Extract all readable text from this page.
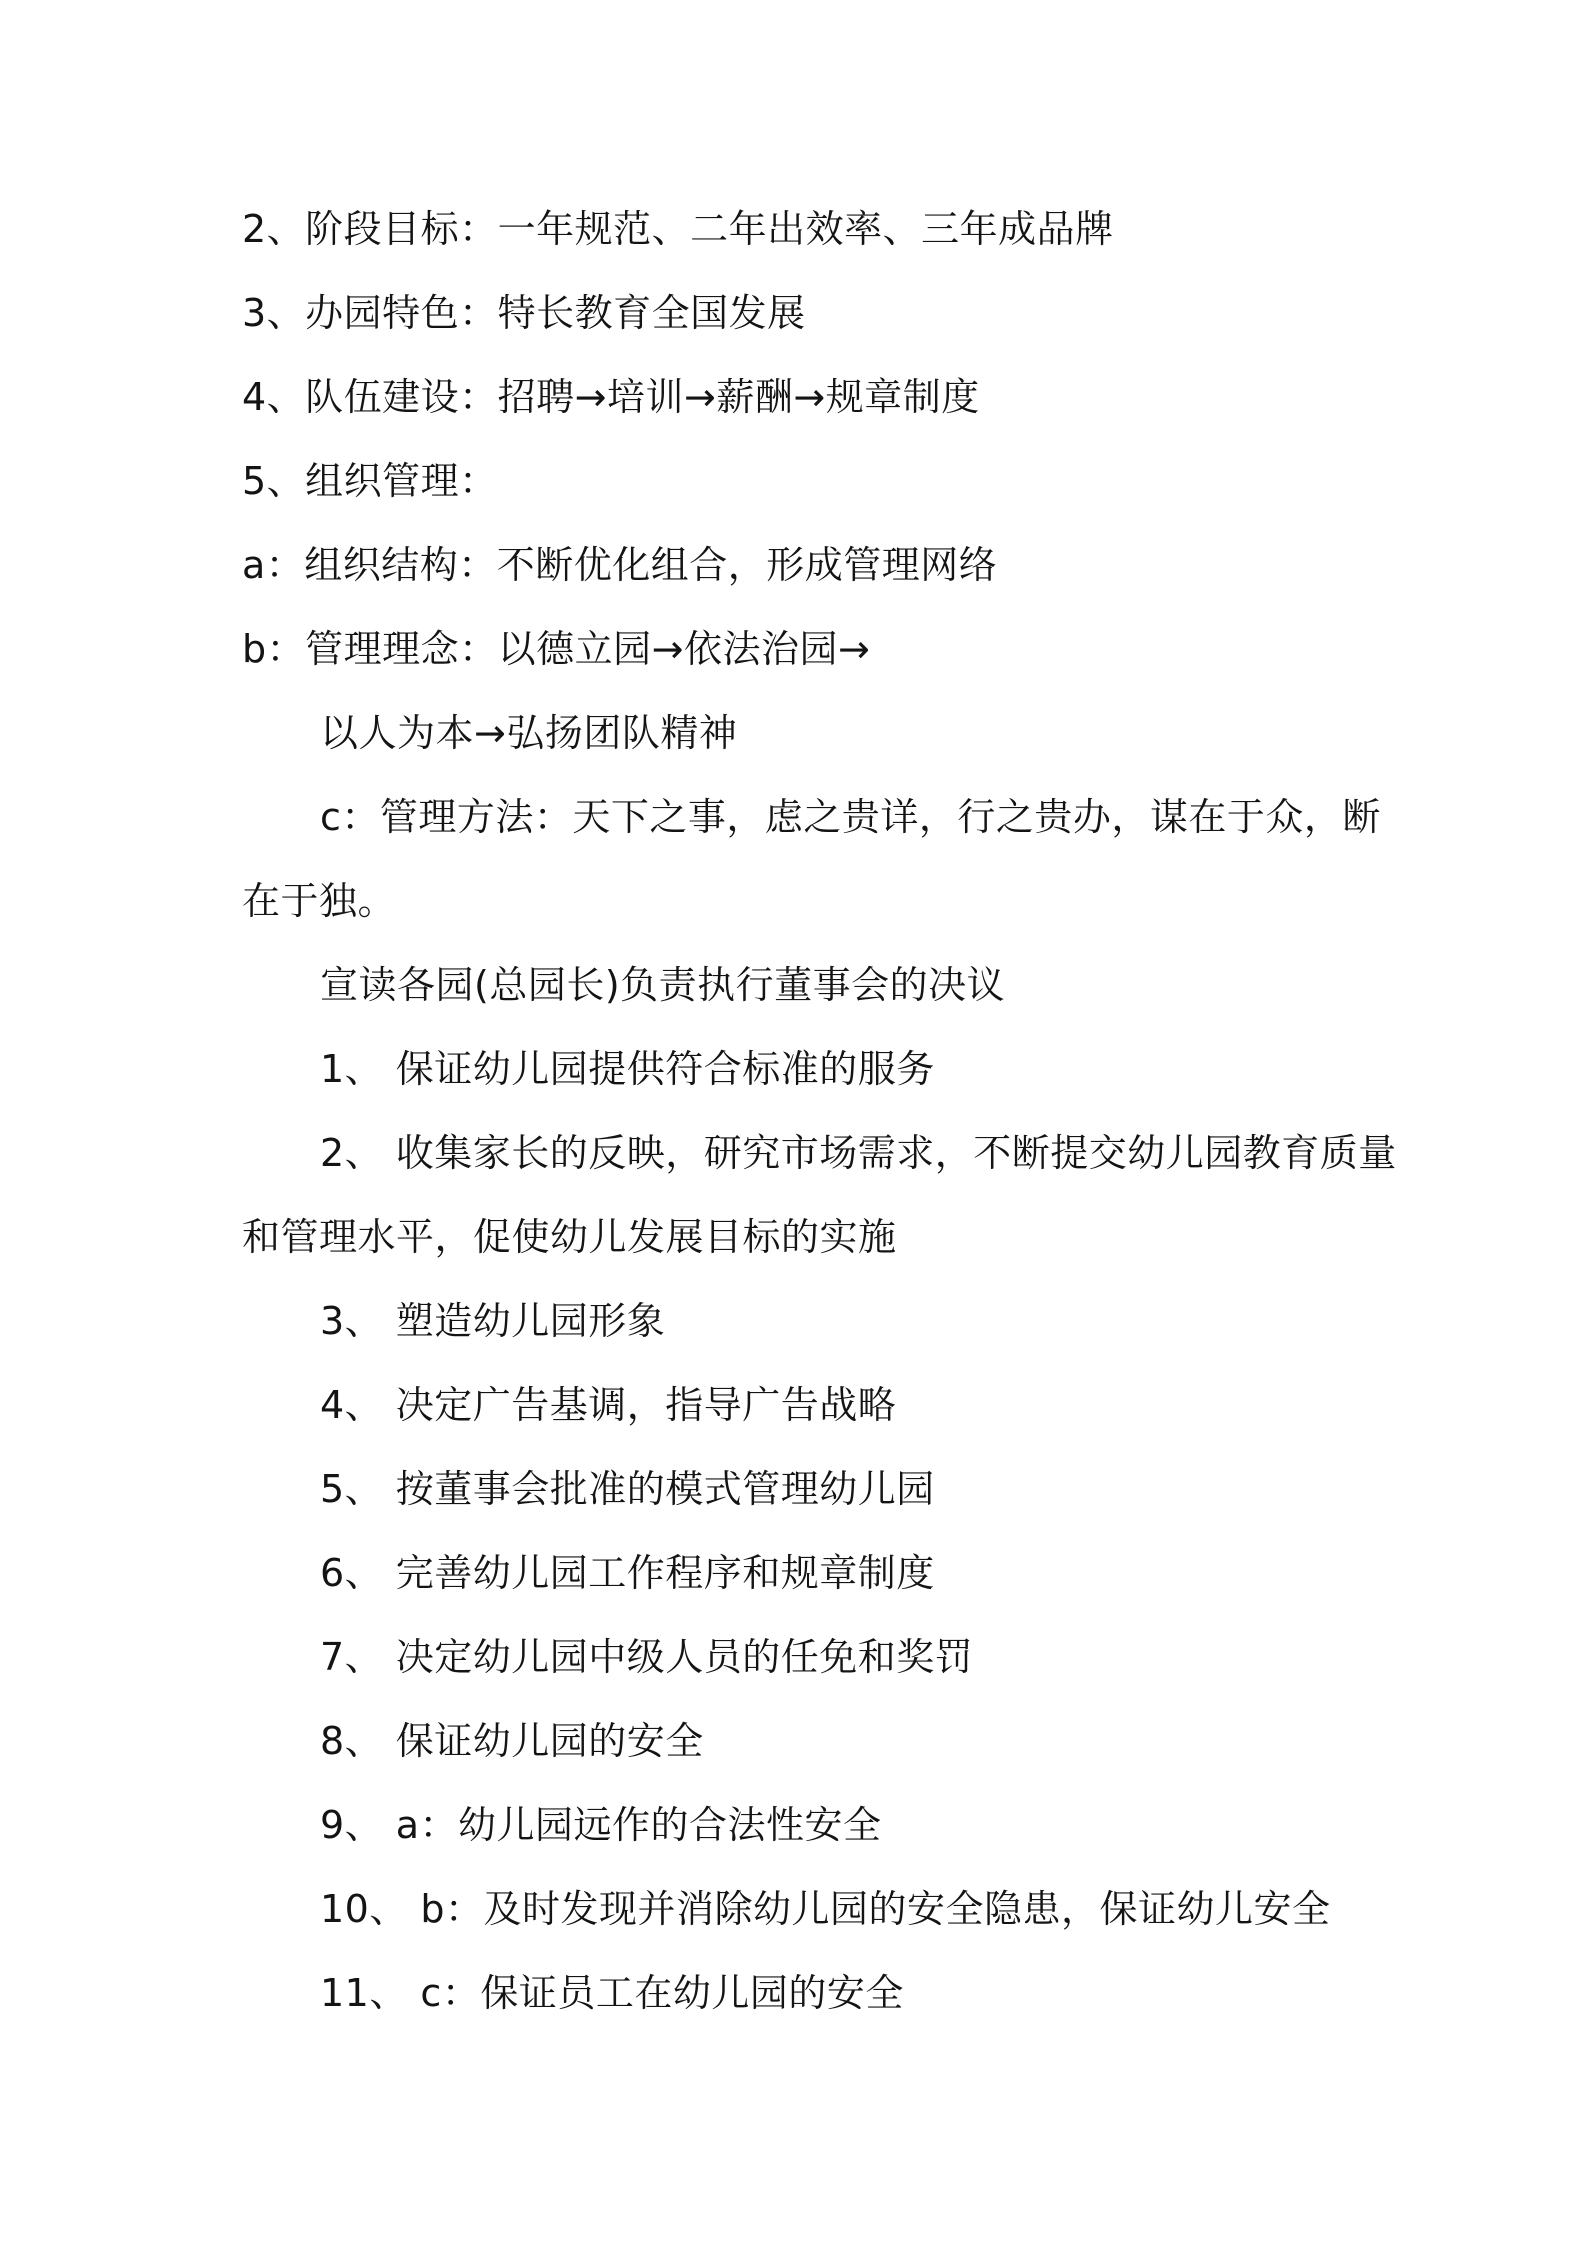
2、阶段目标：一年规范、二年出效率、三年成品牌
3、办园特色：特长教育全国发展
4、队伍建设：招聘→培训→薪酬→规章制度
5、组织管理：
a：组织结构：不断优化组合，形成管理网络
b：管理理念：以德立园→依法治园→
以人为本→弘扬团队精神
c：管理方法：天下之事，虑之贵详，行之贵办，谋在于众，断
在于独。
宣读各园(总园长)负责执行董事会的决议
1、 保证幼儿园提供符合标准的服务
2、 收集家长的反映，研究市场需求，不断提交幼儿园教育质量
和管理水平，促使幼儿发展目标的实施
3、 塑造幼儿园形象
4、 决定广告基调，指导广告战略
5、 按董事会批准的模式管理幼儿园
6、 完善幼儿园工作程序和规章制度
7、 决定幼儿园中级人员的任免和奖罚
8、 保证幼儿园的安全
9、 a：幼儿园远作的合法性安全
10、 b：及时发现并消除幼儿园的安全隐患，保证幼儿安全
11、 c：保证员工在幼儿园的安全
